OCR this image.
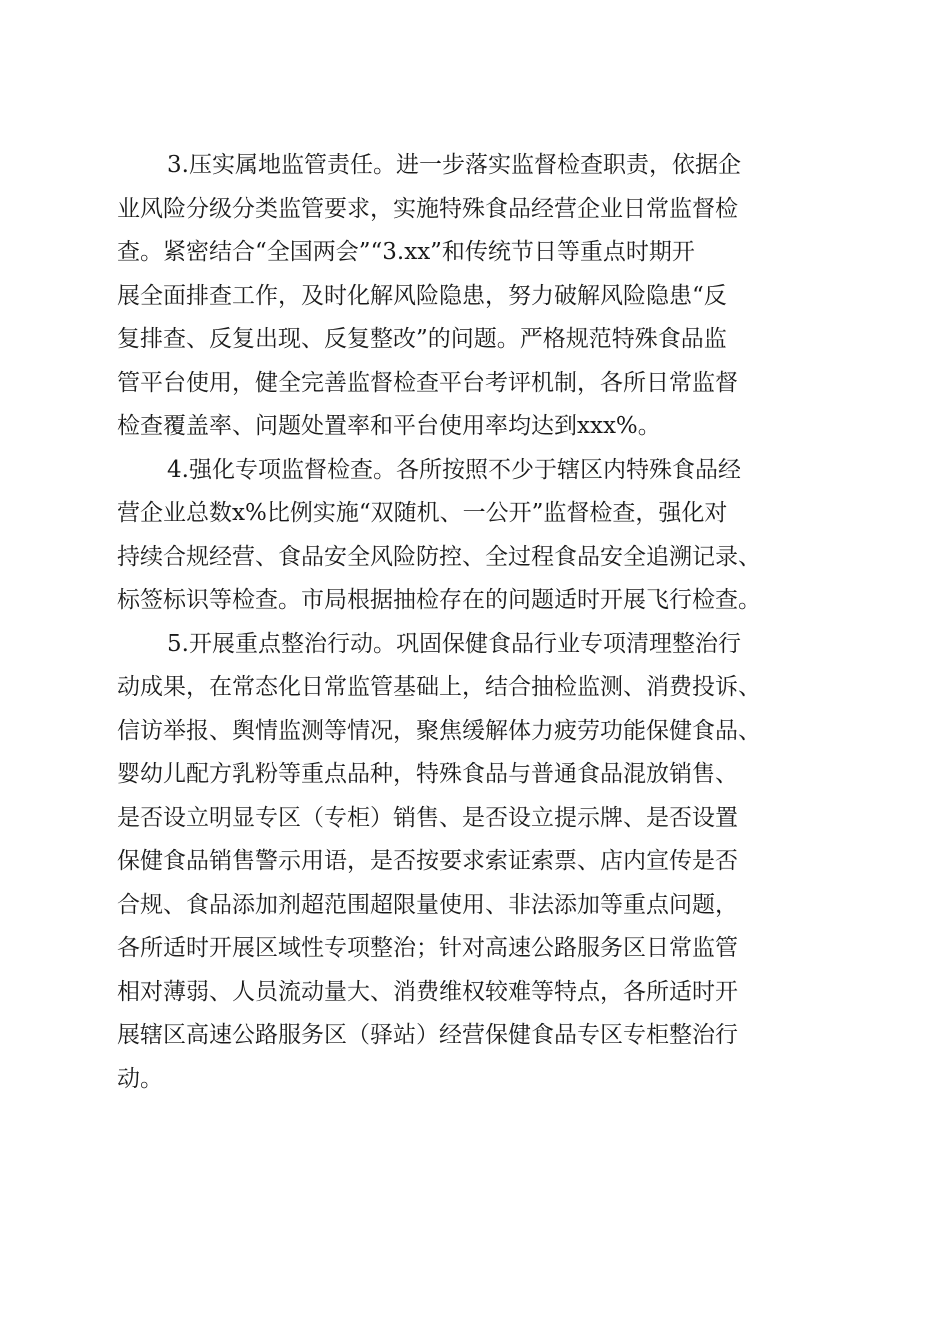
3.压实属地监管责任。进一步落实监督检查职责，依据企
业风险分级分类监管要求，实施特殊食品经营企业日常监督检
查。紧密结合“全国两会”“3.xx”和传统节日等重点时期开
展全面排查工作，及时化解风险隐患，努力破解风险隐患“反
复排查、反复出现、反复整改”的问题。严格规范特殊食品监
管平台使用，健全完善监督检查平台考评机制，各所日常监督
检查覆盖率、问题处置率和平台使用率均达到xxx%。
4.强化专项监督检查。各所按照不少于辖区内特殊食品经
营企业总数x%比例实施“双随机、一公开”监督检查，强化对
持续合规经营、食品安全风险防控、全过程食品安全追溯记录、
标签标识等检查。市局根据抽检存在的问题适时开展飞行检查。
5.开展重点整治行动。巩固保健食品行业专项清理整治行
动成果，在常态化日常监管基础上，结合抽检监测、消费投诉、
信访举报、舆情监测等情况，聚焦缓解体力疲劳功能保健食品、
婴幼儿配方乳粉等重点品种，特殊食品与普通食品混放销售、
是否设立明显专区（专柜）销售、是否设立提示牌、是否设置
保健食品销售警示用语，是否按要求索证索票、店内宣传是否
合规、食品添加剂超范围超限量使用、非法添加等重点问题，
各所适时开展区域性专项整治；针对高速公路服务区日常监管
相对薄弱、人员流动量大、消费维权较难等特点，各所适时开
展辖区高速公路服务区（驿站）经营保健食品专区专柜整治行
动。
